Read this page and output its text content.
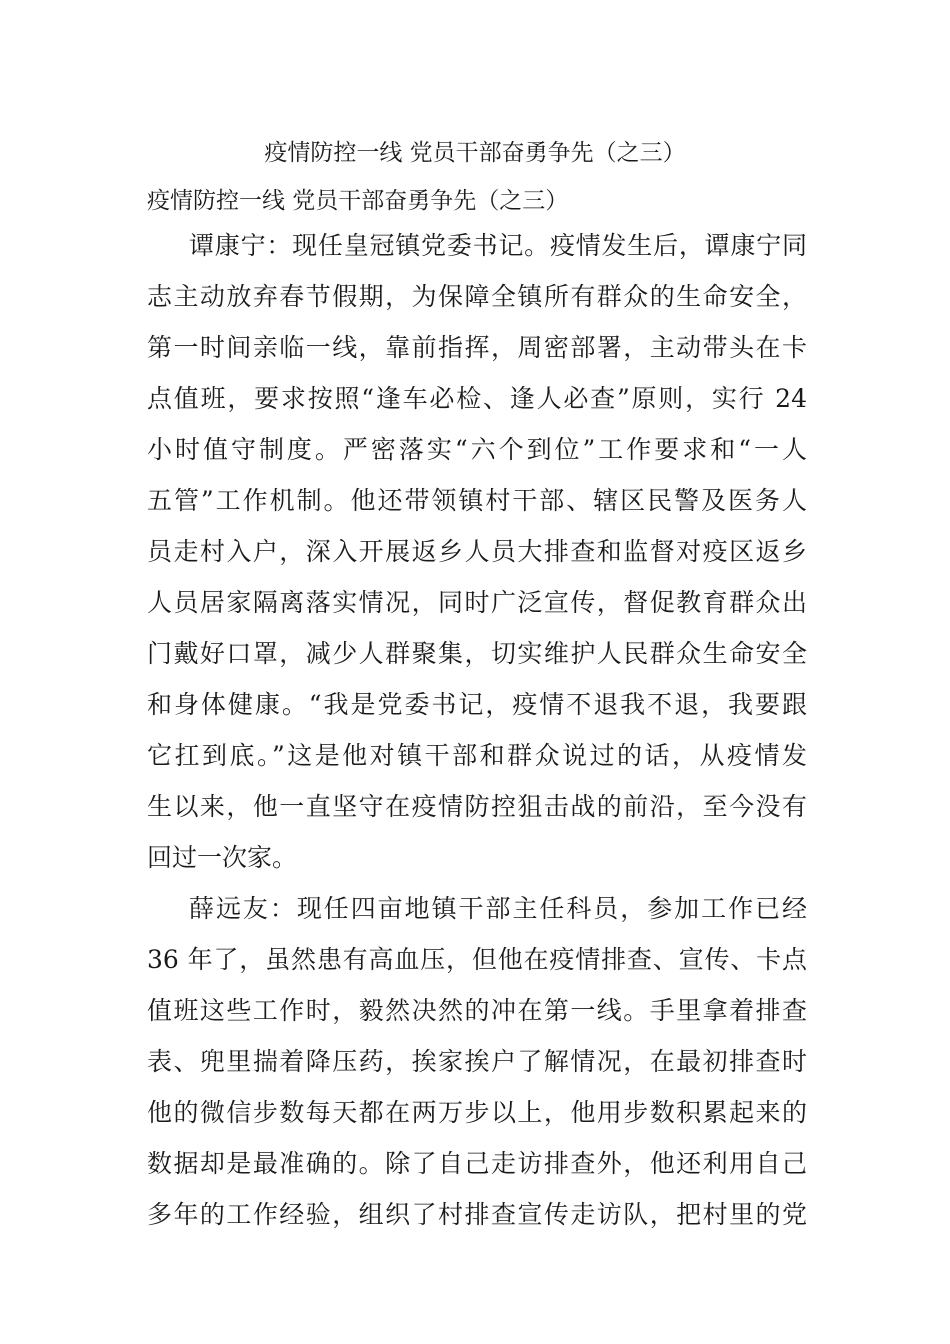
疫情防控一线 党员干部奋勇争先（之三）
疫情防控一线 党员干部奋勇争先（之三）
谭康宁：现任皇冠镇党委书记。疫情发生后，谭康宁同
志主动放弃春节假期，为保障全镇所有群众的生命安全，
第一时间亲临一线，靠前指挥，周密部署，主动带头在卡
点值班，要求按照“逢车必检、逢人必查”原则，实行 24
小时值守制度。严密落实“六个到位”工作要求和“一人
五管”工作机制。他还带领镇村干部、辖区民警及医务人
员走村入户，深入开展返乡人员大排查和监督对疫区返乡
人员居家隔离落实情况，同时广泛宣传，督促教育群众出
门戴好口罩，减少人群聚集，切实维护人民群众生命安全
和身体健康。“我是党委书记，疫情不退我不退，我要跟
它扛到底。”这是他对镇干部和群众说过的话，从疫情发
生以来，他一直坚守在疫情防控狙击战的前沿，至今没有
回过一次家。
薛远友：现任四亩地镇干部主任科员，参加工作已经
36 年了，虽然患有高血压，但他在疫情排查、宣传、卡点
值班这些工作时，毅然决然的冲在第一线。手里拿着排查
表、兜里揣着降压药，挨家挨户了解情况，在最初排查时
他的微信步数每天都在两万步以上，他用步数积累起来的
数据却是最准确的。除了自己走访排查外，他还利用自己
多年的工作经验，组织了村排查宣传走访队，把村里的党
